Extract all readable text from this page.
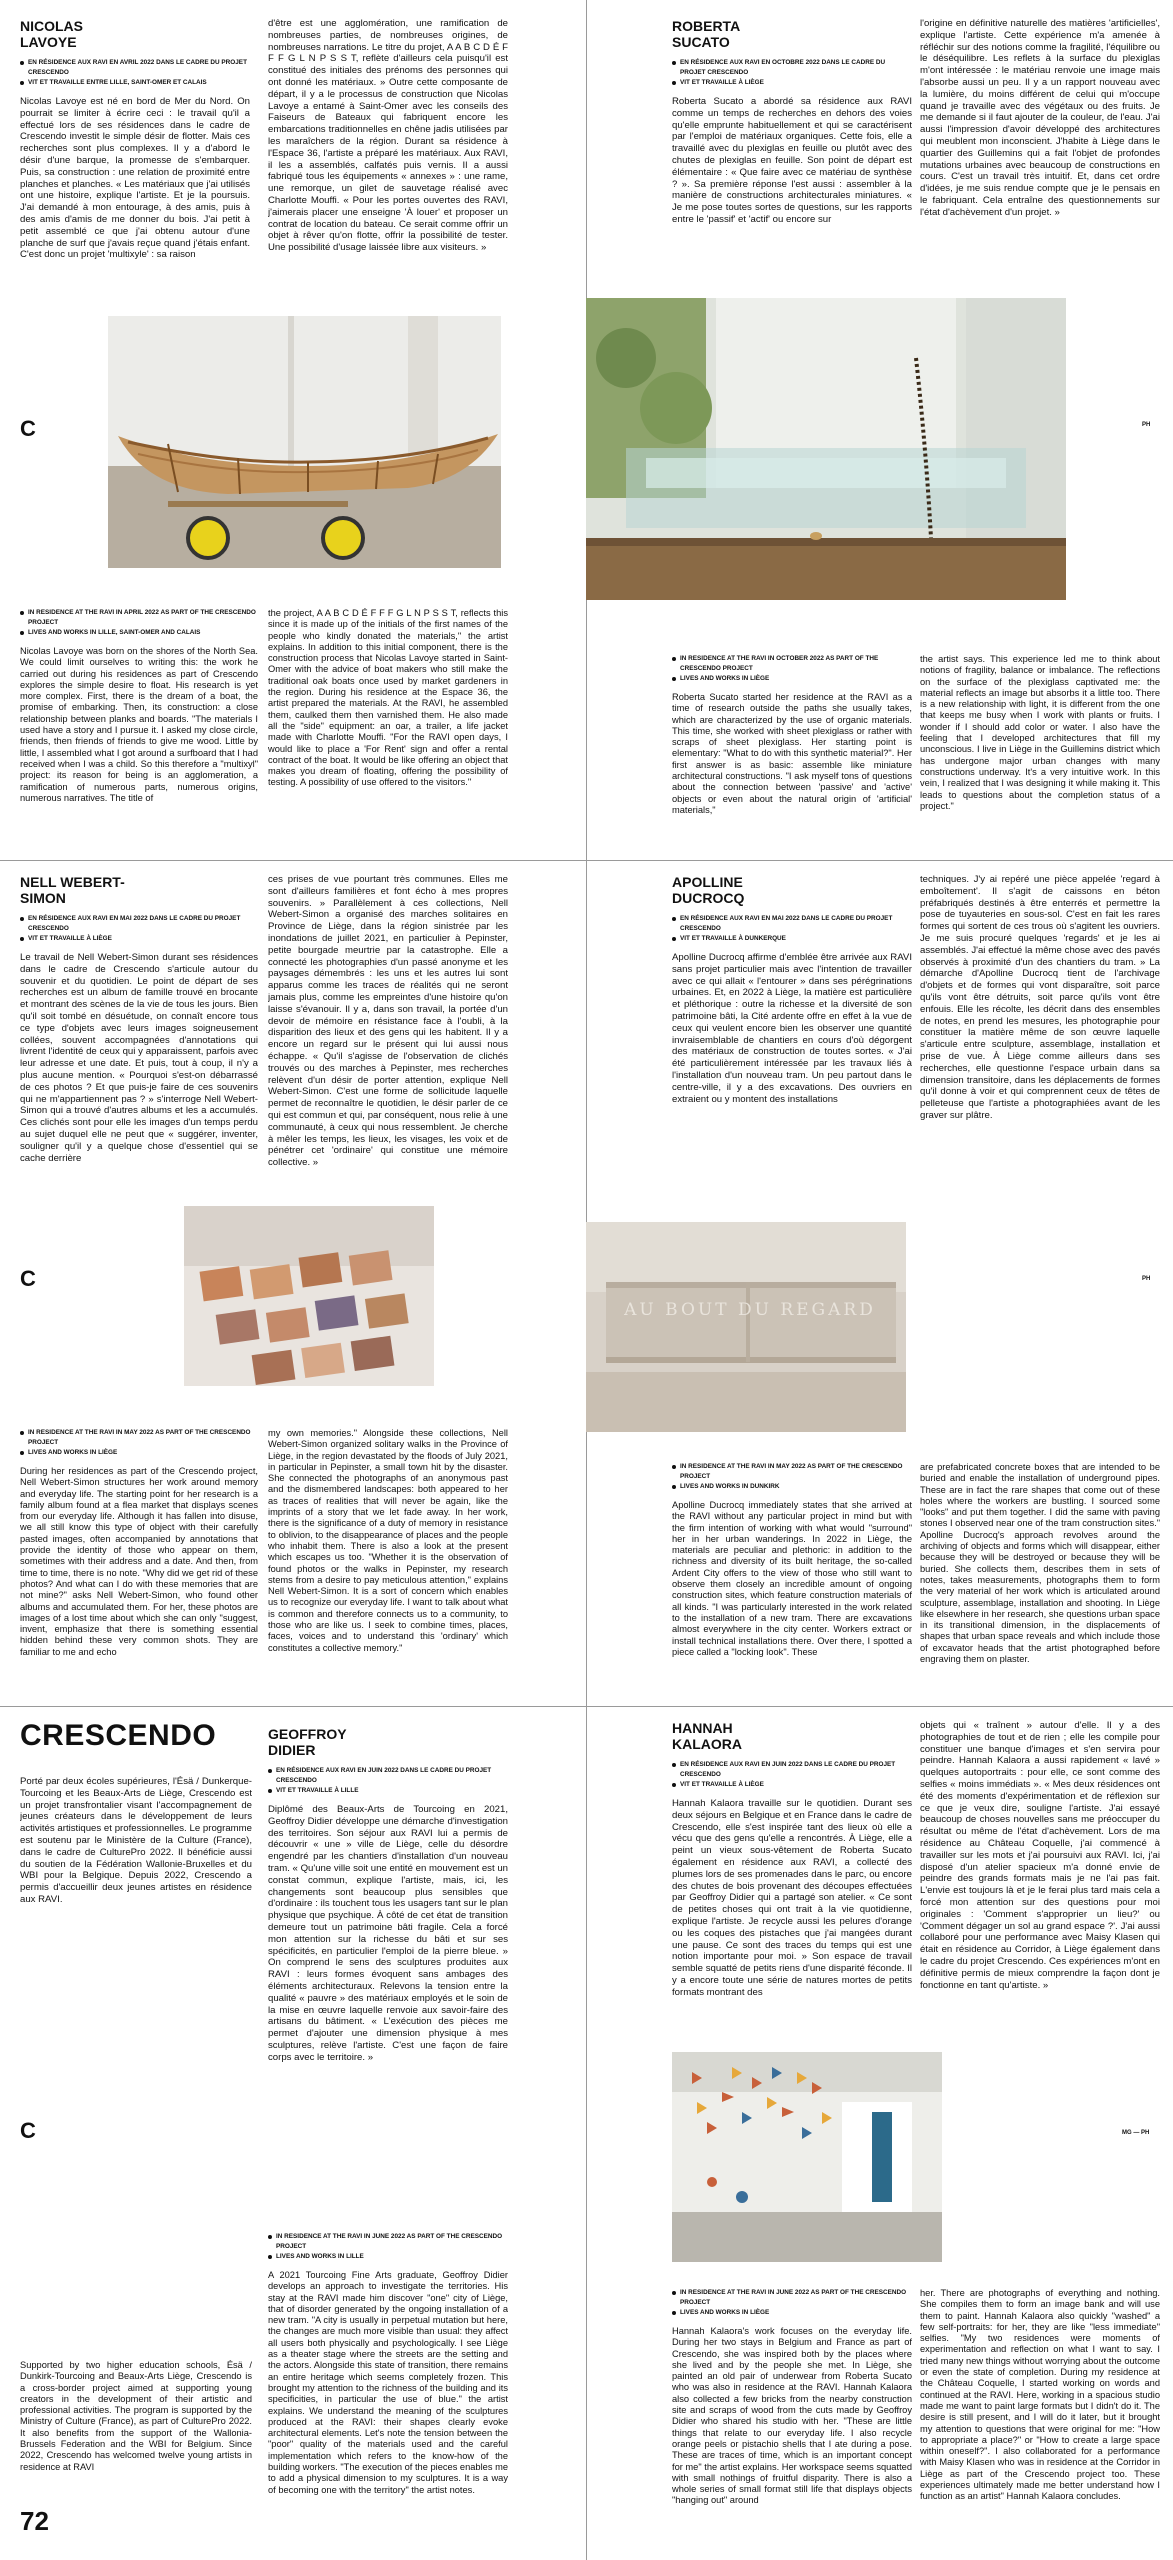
NICOLAS LAVOYE
EN RÉSIDENCE AUX RAVI EN AVRIL 2022 DANS LE CADRE DU PROJET CRESCENDO
VIT ET TRAVAILLE ENTRE LILLE, SAINT-OMER ET CALAIS

Nicolas Lavoye est né en bord de Mer du Nord. On pourrait se limiter à écrire ceci : le travail qu'il a effectué lors de ses résidences dans le cadre de Crescendo investit le simple désir de flotter. Mais ces recherches sont plus complexes. Il y a d'abord le désir d'une barque, la promesse de s'embarquer. Puis, sa construction : une relation de proximité entre planches et planches. « Les matériaux que j'ai utilisés ont une histoire, explique l'artiste. Et je la poursuis. J'ai demandé à mon entourage, à des amis, puis à des amis d'amis de me donner du bois. J'ai petit à petit assemblé ce que j'ai obtenu autour d'une planche de surf que j'avais reçue quand j'étais enfant. C'est donc un projet 'multixyle' : sa raison

d'être est une agglomération, une ramification de nombreuses parties, de nombreuses origines, de nombreuses narrations. Le titre du projet, A A B C D É F F F G L N P S S T, reflète d'ailleurs cela puisqu'il est constitué des initiales des prénoms des personnes qui ont donné les matériaux. » Outre cette composante de départ, il y a le processus de construction que Nicolas Lavoye a entamé à Saint-Omer avec les conseils des Faiseurs de Bateaux qui fabriquent encore les embarcations traditionnelles en chêne jadis utilisées par les maraîchers de la région. Durant sa résidence à l'Espace 36, l'artiste a préparé les matériaux. Aux RAVI, il les a assemblés, calfatés puis vernis. Il a aussi fabriqué tous les équipements « annexes » : une rame, une remorque, un gilet de sauvetage réalisé avec Charlotte Mouffi. « Pour les portes ouvertes des RAVI, j'aimerais placer une enseigne 'À louer' et proposer un contrat de location du bateau. Ce serait comme offrir un objet à rêver qu'on flotte, offrir la possibilité de tester. Une possibilité d'usage laissée libre aux visiteurs. »

C
IN RESIDENCE AT THE RAVI IN APRIL 2022 AS PART OF THE CRESCENDO PROJECT
LIVES AND WORKS IN LILLE, SAINT-OMER AND CALAIS

Nicolas Lavoye was born on the shores of the North Sea. We could limit ourselves to writing this: the work he carried out during his residences as part of Crescendo explores the simple desire to float. His research is yet more complex. First, there is the dream of a boat, the promise of embarking. Then, its construction: a close relationship between planks and boards. "The materials I used have a story and I pursue it. I asked my close circle, friends, then friends of friends to give me wood. Little by little, I assembled what I got around a surfboard that I had received when I was a child. So this therefore a "multixyl" project: its reason for being is an agglomeration, a ramification of numerous parts, numerous origins, numerous narratives. The title of

the project, A A B C D É F F F G L N P S S T, reflects this since it is made up of the initials of the first names of the people who kindly donated the materials," the artist explains. In addition to this initial component, there is the construction process that Nicolas Lavoye started in Saint-Omer with the advice of boat makers who still make the traditional oak boats once used by market gardeners in the region. During his residence at the Espace 36, the artist prepared the materials. At the RAVI, he assembled them, caulked them then varnished them. He also made all the "side" equipment: an oar, a trailer, a life jacket made with Charlotte Mouffi. "For the RAVI open days, I would like to place a 'For Rent' sign and offer a rental contract of the boat. It would be like offering an object that makes you dream of floating, offering the possibility of testing. A possibility of use offered to the visitors."

ROBERTA SUCATO
EN RÉSIDENCE AUX RAVI EN OCTOBRE 2022 DANS LE CADRE DU PROJET CRESCENDO
VIT ET TRAVAILLE À LIÈGE

Roberta Sucato a abordé sa résidence aux RAVI comme un temps de recherches en dehors des voies qu'elle emprunte habituellement et qui se caractérisent par l'emploi de matériaux organiques. Cette fois, elle a travaillé avec du plexiglas en feuille ou plutôt avec des chutes de plexiglas en feuille. Son point de départ est élémentaire : « Que faire avec ce matériau de synthèse ? ». Sa première réponse l'est aussi : assembler à la manière de constructions architecturales miniatures. « Je me pose toutes sortes de questions, sur les rapports entre le 'passif' et 'actif' ou encore sur

l'origine en définitive naturelle des matières 'artificielles', explique l'artiste. Cette expérience m'a amenée à réfléchir sur des notions comme la fragilité, l'équilibre ou le déséquilibre. Les reflets à la surface du plexiglas m'ont intéressée : le matériau renvoie une image mais l'absorbe aussi un peu. Il y a un rapport nouveau avec la lumière, du moins différent de celui qui m'occupe quand je travaille avec des végétaux ou des fruits. Je me demande si il faut ajouter de la couleur, de l'eau. J'ai aussi l'impression d'avoir développé des architectures qui meublent mon inconscient. J'habite à Liège dans le quartier des Guillemins qui a fait l'objet de profondes mutations urbaines avec beaucoup de constructions en cours. C'est un travail très intuitif. Et, dans cet ordre d'idées, je me suis rendue compte que je le pensais en le fabriquant. Cela entraîne des questionnements sur l'état d'achèvement d'un projet. »

PH
IN RESIDENCE AT THE RAVI IN OCTOBER 2022 AS PART OF THE CRESCENDO PROJECT
LIVES AND WORKS IN LIÈGE

Roberta Sucato started her residence at the RAVI as a time of research outside the paths she usually takes, which are characterized by the use of organic materials. This time, she worked with sheet plexiglass or rather with scraps of sheet plexiglass. Her starting point is elementary: "What to do with this synthetic material?". Her first answer is as basic: assemble like miniature architectural constructions. "I ask myself tons of questions about the connection between 'passive' and 'active' objects or even about the natural origin of 'artificial' materials,"

the artist says. This experience led me to think about notions of fragility, balance or imbalance. The reflections on the surface of the plexiglass captivated me: the material reflects an image but absorbs it a little too. There is a new relationship with light, it is different from the one that keeps me busy when I work with plants or fruits. I wonder if I should add color or water. I also have the feeling that I developed architectures that fill my unconscious. I live in Liège in the Guillemins district which has undergone major urban changes with many constructions underway. It's a very intuitive work. In this vein, I realized that I was designing it while making it. This leads to questions about the completion status of a project."

NELL WEBERT-SIMON
EN RÉSIDENCE AUX RAVI EN MAI 2022 DANS LE CADRE DU PROJET CRESCENDO
VIT ET TRAVAILLE À LIÈGE

Le travail de Nell Webert-Simon durant ses résidences dans le cadre de Crescendo s'articule autour du souvenir et du quotidien. Le point de départ de ses recherches est un album de famille trouvé en brocante et montrant des scènes de la vie de tous les jours. Bien qu'il soit tombé en désuétude, on connaît encore tous ce type d'objets avec leurs images soigneusement collées, souvent accompagnées d'annotations qui livrent l'identité de ceux qui y apparaissent, parfois avec leur adresse et une date. Et puis, tout à coup, il n'y a plus aucune mention. « Pourquoi s'est-on débarrassé de ces photos ? Et que puis-je faire de ces souvenirs qui ne m'appartiennent pas ? » s'interroge Nell Webert-Simon qui a trouvé d'autres albums et les a accumulés. Ces clichés sont pour elle les images d'un temps perdu au sujet duquel elle ne peut que « suggérer, inventer, souligner qu'il y a quelque chose d'essentiel qui se cache derrière

ces prises de vue pourtant très communes. Elles me sont d'ailleurs familières et font écho à mes propres souvenirs. » Parallèlement à ces collections, Nell Webert-Simon a organisé des marches solitaires en Province de Liège, dans la région sinistrée par les inondations de juillet 2021, en particulier à Pepinster, petite bourgade meurtrie par la catastrophe. Elle a connecté les photographies d'un passé anonyme et les paysages démembrés : les uns et les autres lui sont apparus comme les traces de réalités qui ne seront jamais plus, comme les empreintes d'une histoire qu'on laisse s'évanouir. Il y a, dans son travail, la portée d'un devoir de mémoire en résistance face à l'oubli, à la disparition des lieux et des gens qui les habitent. Il y a encore un regard sur le présent qui lui aussi nous échappe. « Qu'il s'agisse de l'observation de clichés trouvés ou des marches à Pepinster, mes recherches relèvent d'un désir de porter attention, explique Nell Webert-Simon. C'est une forme de sollicitude laquelle permet de reconnaître le quotidien, le désir parler de ce qui est commun et qui, par conséquent, nous relie à une communauté, à ceux qui nous ressemblent. Je cherche à mêler les temps, les lieux, les visages, les voix et de pénétrer cet 'ordinaire' qui constitue une mémoire collective. »

C
IN RESIDENCE AT THE RAVI IN MAY 2022 AS PART OF THE CRESCENDO PROJECT
LIVES AND WORKS IN LIÈGE

During her residences as part of the Crescendo project, Nell Webert-Simon structures her work around memory and everyday life. The starting point for her research is a family album found at a flea market that displays scenes from our everyday life. Although it has fallen into disuse, we all still know this type of object with their carefully pasted images, often accompanied by annotations that provide the identity of those who appear on them, sometimes with their address and a date. And then, from time to time, there is no note. "Why did we get rid of these photos? And what can I do with these memories that are not mine?" asks Nell Webert-Simon, who found other albums and accumulated them. For her, these photos are images of a lost time about which she can only "suggest, invent, emphasize that there is something essential hidden behind these very common shots. They are familiar to me and echo

my own memories." Alongside these collections, Nell Webert-Simon organized solitary walks in the Province of Liège, in the region devastated by the floods of July 2021, in particular in Pepinster, a small town hit by the disaster. She connected the photographs of an anonymous past and the dismembered landscapes: both appeared to her as traces of realities that will never be again, like the imprints of a story that we let fade away. In her work, there is the significance of a duty of memory in resistance to oblivion, to the disappearance of places and the people who inhabit them. There is also a look at the present which escapes us too. "Whether it is the observation of found photos or the walks in Pepinster, my research stems from a desire to pay meticulous attention," explains Nell Webert-Simon. It is a sort of concern which enables us to recognize our everyday life. I want to talk about what is common and therefore connects us to a community, to those who are like us. I seek to combine times, places, faces, voices and to understand this 'ordinary' which constitutes a collective memory."

APOLLINE DUCROCQ
EN RÉSIDENCE AUX RAVI EN MAI 2022 DANS LE CADRE DU PROJET CRESCENDO
VIT ET TRAVAILLE À DUNKERQUE

Apolline Ducrocq affirme d'emblée être arrivée aux RAVI sans projet particulier mais avec l'intention de travailler avec ce qui allait « l'entourer » dans ses pérégrinations urbaines. Et, en 2022 à Liège, la matière est particulière et pléthorique : outre la richesse et la diversité de son patrimoine bâti, la Cité ardente offre en effet à la vue de ceux qui veulent encore bien les observer une quantité invraisemblable de chantiers en cours d'où dégorgent des matériaux de construction de toutes sortes. « J'ai été particulièrement intéressée par les travaux liés à l'installation d'un nouveau tram. Un peu partout dans le centre-ville, il y a des excavations. Des ouvriers en extraient ou y montent des installations

techniques. J'y ai repéré une pièce appelée 'regard à emboîtement'. Il s'agit de caissons en béton préfabriqués destinés à être enterrés et permettre la pose de tuyauteries en sous-sol. C'est en fait les rares formes qui sortent de ces trous où s'agitent les ouvriers. Je me suis procuré quelques 'regards' et je les ai assemblés. J'ai effectué la même chose avec des pavés observés à proximité d'un des chantiers du tram. » La démarche d'Apolline Ducrocq tient de l'archivage d'objets et de formes qui vont disparaître, soit parce qu'ils vont être détruits, soit parce qu'ils vont être enfouis. Elle les récolte, les décrit dans des ensembles de notes, en prend les mesures, les photographie pour constituer la matière même de son œuvre laquelle s'articule entre sculpture, assemblage, installation et prise de vue. À Liège comme ailleurs dans ses recherches, elle questionne l'espace urbain dans sa dimension transitoire, dans les déplacements de formes qu'il donne à voir et qui comprennent ceux de têtes de pelleteuse que l'artiste a photographiées avant de les graver sur plâtre.

AU BOUT DU REGARD
PH
IN RESIDENCE AT THE RAVI IN MAY 2022 AS PART OF THE CRESCENDO PROJECT
LIVES AND WORKS IN DUNKIRK

Apolline Ducrocq immediately states that she arrived at the RAVI without any particular project in mind but with the firm intention of working with what would "surround" her in her urban wanderings. In 2022 in Liège, the materials are peculiar and plethoric: in addition to the richness and diversity of its built heritage, the so-called Ardent City offers to the view of those who still want to observe them closely an incredible amount of ongoing construction sites, which feature construction materials of all kinds. "I was particularly interested in the work related to the installation of a new tram. There are excavations almost everywhere in the city center. Workers extract or install technical installations there. Over there, I spotted a piece called a "locking look". These

are prefabricated concrete boxes that are intended to be buried and enable the installation of underground pipes. These are in fact the rare shapes that come out of these holes where the workers are bustling. I sourced some "looks" and put them together. I did the same with paving stones I observed near one of the tram construction sites." Apolline Ducrocq's approach revolves around the archiving of objects and forms which will disappear, either because they will be destroyed or because they will be buried. She collects them, describes them in sets of notes, takes measurements, photographs them to form the very material of her work which is articulated around sculpture, assemblage, installation and shooting. In Liège like elsewhere in her research, she questions urban space in its transitional dimension, in the displacements of shapes that urban space reveals and which include those of excavator heads that the artist photographed before engraving them on plaster.

CRESCENDO

Porté par deux écoles supérieures, l'Ésä / Dunkerque-Tourcoing et les Beaux-Arts de Liège, Crescendo est un projet transfrontalier visant l'accompagnement de jeunes créateurs dans le développement de leurs activités artistiques et professionnelles. Le programme est soutenu par le Ministère de la Culture (France), dans le cadre de CulturePro 2022. Il bénéficie aussi du soutien de la Fédération Wallonie-Bruxelles et du WBI pour la Belgique. Depuis 2022, Crescendo a permis d'accueillir deux jeunes artistes en résidence aux RAVI.

C

Supported by two higher education schools, Ésä / Dunkirk-Tourcoing and Beaux-Arts Liège, Crescendo is a cross-border project aimed at supporting young creators in the development of their artistic and professional activities. The program is supported by the Ministry of Culture (France), as part of CulturePro 2022. It also benefits from the support of the Wallonia-Brussels Federation and the WBI for Belgium. Since 2022, Crescendo has welcomed twelve young artists in residence at RAVI

72
GEOFFROY DIDIER
EN RÉSIDENCE AUX RAVI EN JUIN 2022 DANS LE CADRE DU PROJET CRESCENDO
VIT ET TRAVAILLE À LILLE

Diplômé des Beaux-Arts de Tourcoing en 2021, Geoffroy Didier développe une démarche d'investigation des territoires. Son séjour aux RAVI lui a permis de découvrir « une » ville de Liège, celle du désordre engendré par les chantiers d'installation d'un nouveau tram. « Qu'une ville soit une entité en mouvement est un constat commun, explique l'artiste, mais, ici, les changements sont beaucoup plus sensibles que d'ordinaire : ils touchent tous les usagers tant sur le plan physique que psychique. À côté de cet état de transition demeure tout un patrimoine bâti fragile. Cela a forcé mon attention sur la richesse du bâti et sur ses spécificités, en particulier l'emploi de la pierre bleue. » On comprend le sens des sculptures produites aux RAVI : leurs formes évoquent sans ambages des éléments architecturaux. Relevons la tension entre la qualité « pauvre » des matériaux employés et le soin de la mise en œuvre laquelle renvoie aux savoir-faire des artisans du bâtiment. « L'exécution des pièces me permet d'ajouter une dimension physique à mes sculptures, relève l'artiste. C'est une façon de faire corps avec le territoire. »

IN RESIDENCE AT THE RAVI IN JUNE 2022 AS PART OF THE CRESCENDO PROJECT
LIVES AND WORKS IN LILLE

A 2021 Tourcoing Fine Arts graduate, Geoffroy Didier develops an approach to investigate the territories. His stay at the RAVI made him discover "one" city of Liège, that of disorder generated by the ongoing installation of a new tram. "A city is usually in perpetual mutation but here, the changes are much more visible than usual: they affect all users both physically and psychologically. I see Liège as a theater stage where the streets are the setting and the actors. Alongside this state of transition, there remains an entire heritage which seems completely frozen. This brought my attention to the richness of the building and its specificities, in particular the use of blue." the artist explains. We understand the meaning of the sculptures produced at the RAVI: their shapes clearly evoke architectural elements. Let's note the tension between the "poor" quality of the materials used and the careful implementation which refers to the know-how of the building workers. "The execution of the pieces enables me to add a physical dimension to my sculptures. It is a way of becoming one with the territory" the artist notes.

HANNAH KALAORA
EN RÉSIDENCE AUX RAVI EN JUIN 2022 DANS LE CADRE DU PROJET CRESCENDO
VIT ET TRAVAILLE À LIÈGE

Hannah Kalaora travaille sur le quotidien. Durant ses deux séjours en Belgique et en France dans le cadre de Crescendo, elle s'est inspirée tant des lieux où elle a vécu que des gens qu'elle a rencontrés. À Liège, elle a peint un vieux sous-vêtement de Roberta Sucato également en résidence aux RAVI, a collecté des plumes lors de ses promenades dans le parc, ou encore des chutes de bois provenant des découpes effectuées par Geoffroy Didier qui a partagé son atelier. « Ce sont de petites choses qui ont trait à la vie quotidienne, explique l'artiste. Je recycle aussi les pelures d'orange ou les coques des pistaches que j'ai mangées durant une pause. Ce sont des traces du temps qui est une notion importante pour moi. » Son espace de travail semble squatté de petits riens d'une disparité féconde. Il y a encore toute une série de natures mortes de petits formats montrant des

objets qui « traînent » autour d'elle. Il y a des photographies de tout et de rien ; elle les compile pour constituer une banque d'images et s'en servira pour peindre. Hannah Kalaora a aussi rapidement « lavé » quelques autoportraits : pour elle, ce sont comme des selfies « moins immédiats ». « Mes deux résidences ont été des moments d'expérimentation et de réflexion sur ce que je veux dire, souligne l'artiste. J'ai essayé beaucoup de choses nouvelles sans me préoccuper du résultat ou même de l'état d'achèvement. Lors de ma résidence au Château Coquelle, j'ai commencé à travailler sur les mots et j'ai poursuivi aux RAVI. Ici, j'ai disposé d'un atelier spacieux m'a donné envie de peindre des grands formats mais je ne l'ai pas fait. L'envie est toujours là et je le ferai plus tard mais cela a forcé mon attention sur des questions pour moi originales : 'Comment s'approprier un lieu?' ou 'Comment dégager un sol au grand espace ?'. J'ai aussi collaboré pour une performance avec Maisy Klasen qui était en résidence au Corridor, à Liège également dans le cadre du projet Crescendo. Ces expériences m'ont en définitive permis de mieux comprendre la façon dont je fonctionne en tant qu'artiste. »

MG — PH
IN RESIDENCE AT THE RAVI IN JUNE 2022 AS PART OF THE CRESCENDO PROJECT
LIVES AND WORKS IN LIÈGE

Hannah Kalaora's work focuses on the everyday life. During her two stays in Belgium and France as part of Crescendo, she was inspired both by the places where she lived and by the people she met. In Liège, she painted an old pair of underwear from Roberta Sucato who was also in residence at the RAVI. Hannah Kalaora also collected a few bricks from the nearby construction site and scraps of wood from the cuts made by Geoffroy Didier who shared his studio with her. "These are little things that relate to our everyday life. I also recycle orange peels or pistachio shells that I ate during a pose. These are traces of time, which is an important concept for me" the artist explains. Her workspace seems squatted with small nothings of fruitful disparity. There is also a whole series of small format still life that displays objects "hanging out" around

her. There are photographs of everything and nothing. She compiles them to form an image bank and will use them to paint. Hannah Kalaora also quickly "washed" a few self-portraits: for her, they are like "less immediate" selfies. "My two residences were moments of experimentation and reflection on what I want to say. I tried many new things without worrying about the outcome or even the state of completion. During my residence at the Château Coquelle, I started working on words and continued at the RAVI. Here, working in a spacious studio made me want to paint large formats but I didn't do it. The desire is still present, and I will do it later, but it brought my attention to questions that were original for me: "How to appropriate a place?" or "How to create a large space within oneself?". I also collaborated for a performance with Maisy Klasen who was in residence at the Corridor in Liège as part of the Crescendo project too. These experiences ultimately made me better understand how I function as an artist" Hannah Kalaora concludes.
